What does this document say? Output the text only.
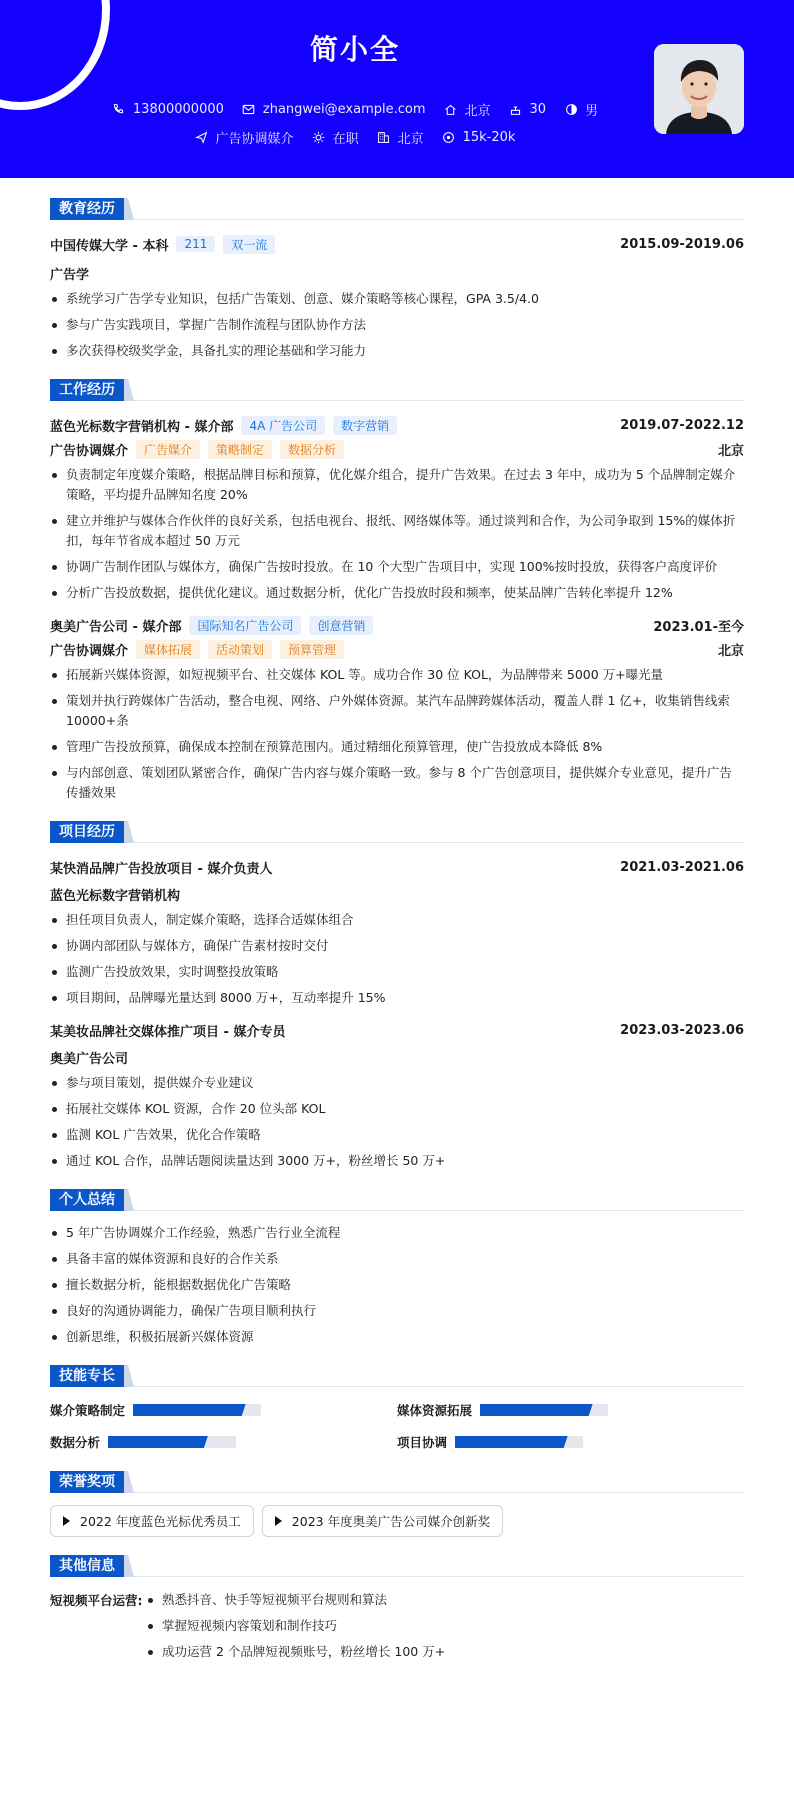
简小全
13800000000	zhangwei@example.com	北京	30	男
广告协调媒介	在职	北京	15k-20k
教育经历
中国传媒大学 - 本科	211	双一流	2015.09-2019.06
广告学
系统学习广告学专业知识，包括广告策划、创意、媒介策略等核心课程，GPA 3.5/4.0
参与广告实践项目，掌握广告制作流程与团队协作方法
多次获得校级奖学金，具备扎实的理论基础和学习能力
工作经历
蓝色光标数字营销机构 - 媒介部	4A 广告公司	数字营销	2019.07-2022.12
广告协调媒介	广告媒介	策略制定	数据分析	北京
负责制定年度媒介策略，根据品牌目标和预算，优化媒介组合，提升广告效果。在过去 3 年中，成功为 5 个品牌制定媒介策略，平均提升品牌知名度 20%
建立并维护与媒体合作伙伴的良好关系，包括电视台、报纸、网络媒体等。通过谈判和合作，为公司争取到 15%的媒体折扣，每年节省成本超过 50 万元
协调广告制作团队与媒体方，确保广告按时投放。在 10 个大型广告项目中，实现 100%按时投放，获得客户高度评价
分析广告投放数据，提供优化建议。通过数据分析，优化广告投放时段和频率，使某品牌广告转化率提升 12%
奥美广告公司 - 媒介部	国际知名广告公司	创意营销	2023.01-至今
广告协调媒介	媒体拓展	活动策划	预算管理	北京
拓展新兴媒体资源，如短视频平台、社交媒体 KOL 等。成功合作 30 位 KOL，为品牌带来 5000 万+曝光量
策划并执行跨媒体广告活动，整合电视、网络、户外媒体资源。某汽车品牌跨媒体活动，覆盖人群 1 亿+，收集销售线索 10000+条
管理广告投放预算，确保成本控制在预算范围内。通过精细化预算管理，使广告投放成本降低 8%
与内部创意、策划团队紧密合作，确保广告内容与媒介策略一致。参与 8 个广告创意项目，提供媒介专业意见，提升广告传播效果
项目经历
某快消品牌广告投放项目 - 媒介负责人	2021.03-2021.06
蓝色光标数字营销机构
担任项目负责人，制定媒介策略，选择合适媒体组合
协调内部团队与媒体方，确保广告素材按时交付
监测广告投放效果，实时调整投放策略
项目期间，品牌曝光量达到 8000 万+，互动率提升 15%
某美妆品牌社交媒体推广项目 - 媒介专员	2023.03-2023.06
奥美广告公司
参与项目策划，提供媒介专业建议
拓展社交媒体 KOL 资源，合作 20 位头部 KOL
监测 KOL 广告效果，优化合作策略
通过 KOL 合作，品牌话题阅读量达到 3000 万+，粉丝增长 50 万+
个人总结
5 年广告协调媒介工作经验，熟悉广告行业全流程
具备丰富的媒体资源和良好的合作关系
擅长数据分析，能根据数据优化广告策略
良好的沟通协调能力，确保广告项目顺利执行
创新思维，积极拓展新兴媒体资源
技能专长
媒介策略制定	媒体资源拓展
数据分析	项目协调
荣誉奖项
2022 年度蓝色光标优秀员工	2023 年度奥美广告公司媒介创新奖
其他信息
短视频平台运营:	熟悉抖音、快手等短视频平台规则和算法
掌握短视频内容策划和制作技巧
成功运营 2 个品牌短视频账号，粉丝增长 100 万+
